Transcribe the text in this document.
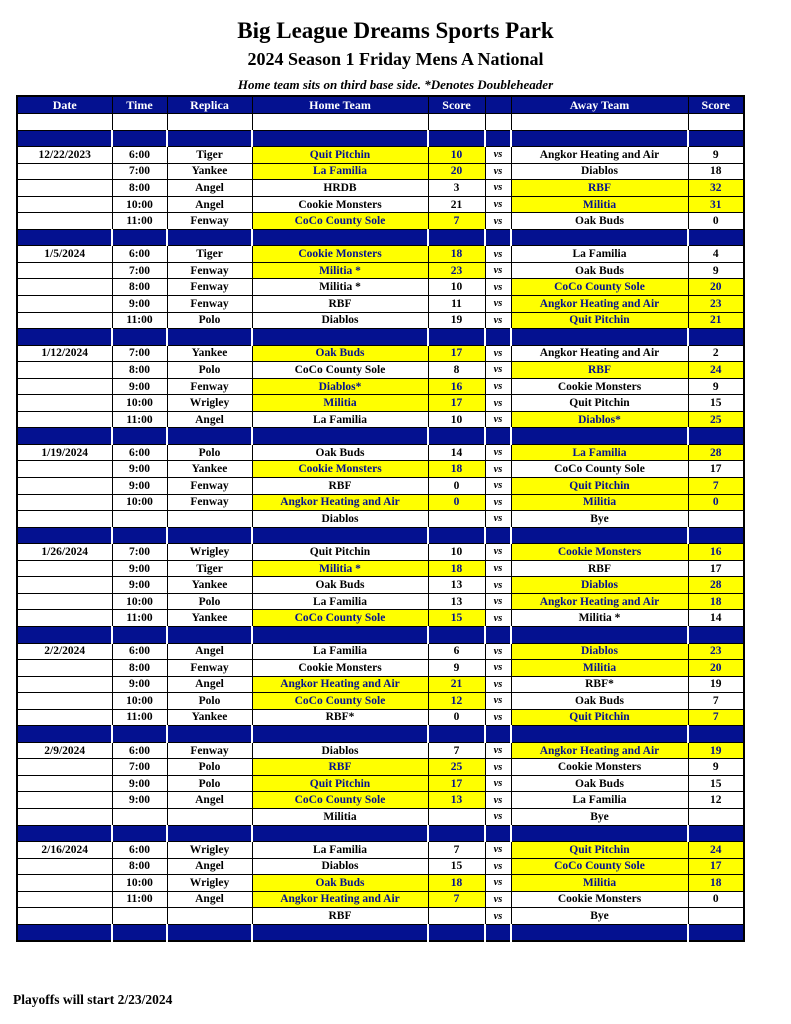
Big League Dreams Sports Park
2024 Season 1 Friday Mens A National
Home team sits on third base side. *Denotes Doubleheader
Date	Time	Replica	Home Team	Score		Away Team	Score

12/22/2023	6:00	Tiger	Quit Pitchin	10	vs	Angkor Heating and Air	9
	7:00	Yankee	La Familia	20	vs	Diablos	18
	8:00	Angel	HRDB	3	vs	RBF	32
	10:00	Angel	Cookie Monsters	21	vs	Militia	31
	11:00	Fenway	CoCo County Sole	7	vs	Oak Buds	0

1/5/2024	6:00	Tiger	Cookie Monsters	18	vs	La Familia	4
	7:00	Fenway	Militia *	23	vs	Oak Buds	9
	8:00	Fenway	Militia *	10	vs	CoCo County Sole	20
	9:00	Fenway	RBF	11	vs	Angkor Heating and Air	23
	11:00	Polo	Diablos	19	vs	Quit Pitchin	21

1/12/2024	7:00	Yankee	Oak Buds	17	vs	Angkor Heating and Air	2
	8:00	Polo	CoCo County Sole	8	vs	RBF	24
	9:00	Fenway	Diablos*	16	vs	Cookie Monsters	9
	10:00	Wrigley	Militia	17	vs	Quit Pitchin	15
	11:00	Angel	La Familia	10	vs	Diablos*	25

1/19/2024	6:00	Polo	Oak Buds	14	vs	La Familia	28
	9:00	Yankee	Cookie Monsters	18	vs	CoCo County Sole	17
	9:00	Fenway	RBF	0	vs	Quit Pitchin	7
	10:00	Fenway	Angkor Heating and Air	0	vs	Militia	0
			Diablos		vs	Bye	

1/26/2024	7:00	Wrigley	Quit Pitchin	10	vs	Cookie Monsters	16
	9:00	Tiger	Militia *	18	vs	RBF	17
	9:00	Yankee	Oak Buds	13	vs	Diablos	28
	10:00	Polo	La Familia	13	vs	Angkor Heating and Air	18
	11:00	Yankee	CoCo County Sole	15	vs	Militia *	14

2/2/2024	6:00	Angel	La Familia	6	vs	Diablos	23
	8:00	Fenway	Cookie Monsters	9	vs	Militia	20
	9:00	Angel	Angkor Heating and Air	21	vs	RBF*	19
	10:00	Polo	CoCo County Sole	12	vs	Oak Buds	7
	11:00	Yankee	RBF*	0	vs	Quit Pitchin	7

2/9/2024	6:00	Fenway	Diablos	7	vs	Angkor Heating and Air	19
	7:00	Polo	RBF	25	vs	Cookie Monsters	9
	9:00	Polo	Quit Pitchin	17	vs	Oak Buds	15
	9:00	Angel	CoCo County Sole	13	vs	La Familia	12
			Militia		vs	Bye	

2/16/2024	6:00	Wrigley	La Familia	7	vs	Quit Pitchin	24
	8:00	Angel	Diablos	15	vs	CoCo County Sole	17
	10:00	Wrigley	Oak Buds	18	vs	Militia	18
	11:00	Angel	Angkor Heating and Air	7	vs	Cookie Monsters	0
			RBF		vs	Bye	

Playoffs will start 2/23/2024
